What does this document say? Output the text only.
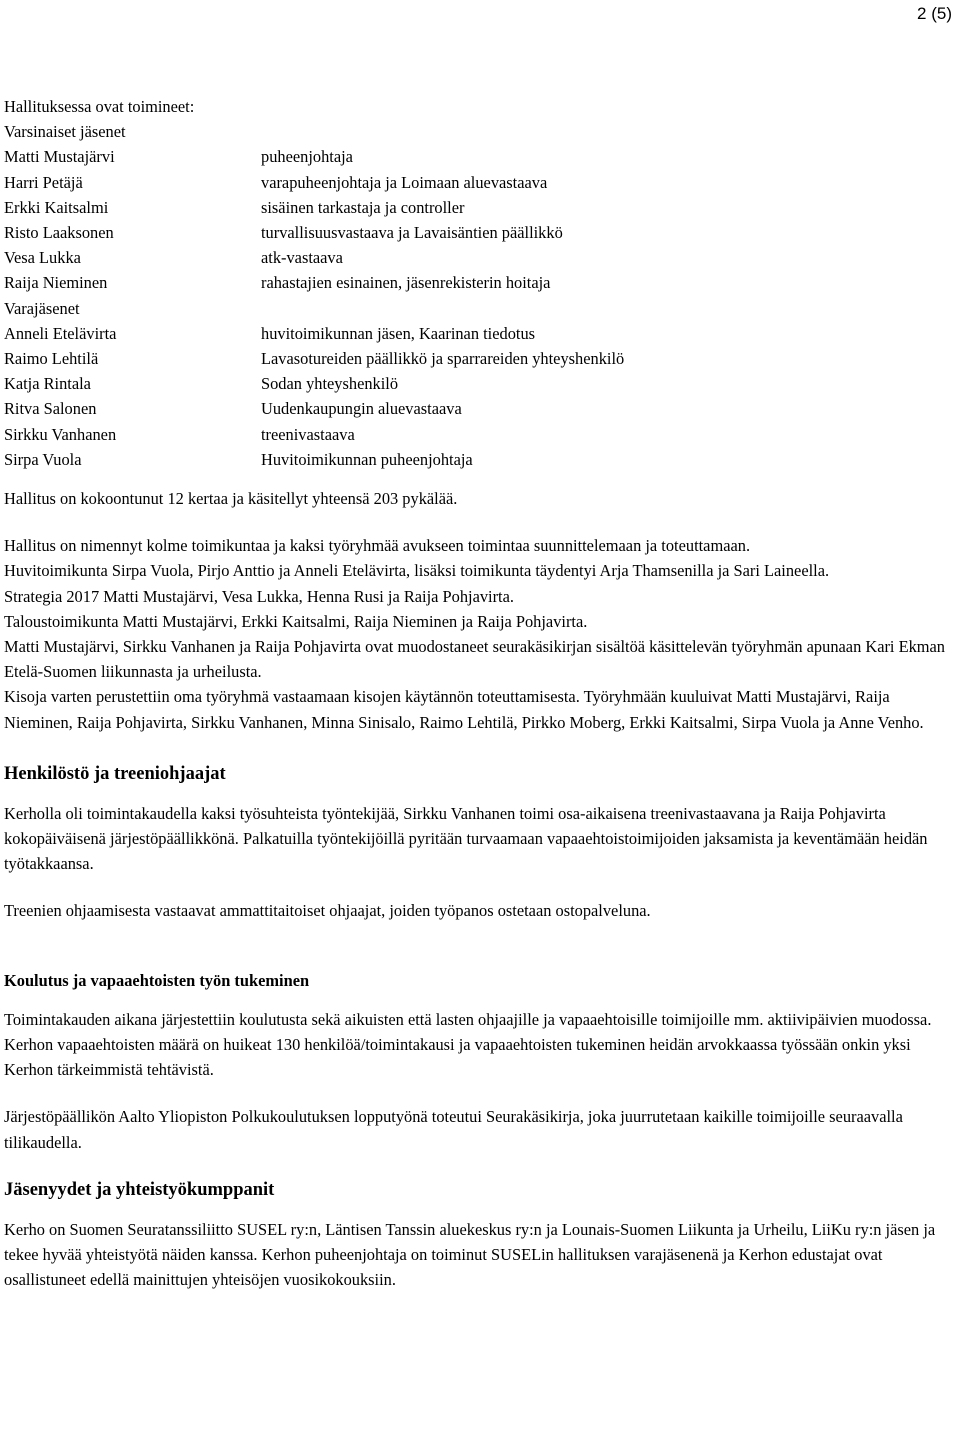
2 (5)
Hallituksessa ovat toimineet:
Varsinaiset jäsenet
Matti Mustajärvi	puheenjohtaja
Harri Petäjä	varapuheenjohtaja ja Loimaan aluevastaava
Erkki Kaitsalmi	sisäinen tarkastaja ja controller
Risto Laaksonen	turvallisuusvastaava ja Lavaisäntien päällikkö
Vesa Lukka	atk-vastaava
Raija Nieminen	rahastajien esinainen, jäsenrekisterin hoitaja
Varajäsenet
Anneli Etelävirta	huvitoimikunnan jäsen, Kaarinan tiedotus
Raimo Lehtilä	Lavasotureiden päällikkö ja sparrareiden yhteyshenkilö
Katja Rintala	Sodan yhteyshenkilö
Ritva Salonen	Uudenkaupungin aluevastaava
Sirkku Vanhanen	treenivastaava
Sirpa Vuola	Huvitoimikunnan puheenjohtaja

Hallitus on kokoontunut 12 kertaa ja käsitellyt yhteensä 203 pykälää.

Hallitus on nimennyt kolme toimikuntaa ja kaksi työryhmää avukseen toimintaa suunnittelemaan ja toteuttamaan.

Huvitoimikunta Sirpa Vuola, Pirjo Anttio ja Anneli Etelävirta, lisäksi toimikunta täydentyi Arja Thamsenilla ja Sari Laineella.

Strategia 2017 Matti Mustajärvi, Vesa Lukka, Henna Rusi ja Raija Pohjavirta.

Taloustoimikunta Matti Mustajärvi, Erkki Kaitsalmi, Raija Nieminen ja Raija Pohjavirta.

Matti Mustajärvi, Sirkku Vanhanen ja Raija Pohjavirta ovat muodostaneet seurakäsikirjan sisältöä käsittelevän työryhmän apunaan Kari Ekman Etelä-Suomen liikunnasta ja urheilusta.

Kisoja varten perustettiin oma työryhmä vastaamaan kisojen käytännön toteuttamisesta. Työryhmään kuuluivat Matti Mustajärvi, Raija Nieminen, Raija Pohjavirta, Sirkku Vanhanen, Minna Sinisalo, Raimo Lehtilä, Pirkko Moberg, Erkki Kaitsalmi, Sirpa Vuola ja Anne Venho.

Henkilöstö ja treeniohjaajat

Kerholla oli toimintakaudella kaksi työsuhteista työntekijää, Sirkku Vanhanen toimi osa-aikaisena treenivastaavana ja Raija Pohjavirta kokopäiväisenä järjestöpäällikkönä. Palkatuilla työntekijöillä pyritään turvaamaan vapaaehtoistoimijoiden jaksamista ja keventämään heidän työtakkaansa.

Treenien ohjaamisesta vastaavat ammattitaitoiset ohjaajat, joiden työpanos ostetaan ostopalveluna.

Koulutus ja vapaaehtoisten työn tukeminen

Toimintakauden aikana järjestettiin koulutusta sekä aikuisten että lasten ohjaajille ja vapaaehtoisille toimijoille mm. aktiivipäivien muodossa. Kerhon vapaaehtoisten määrä on huikeat 130 henkilöä/toimintakausi ja vapaaehtoisten tukeminen heidän arvokkaassa työssään onkin yksi Kerhon tärkeimmistä tehtävistä.

Järjestöpäällikön Aalto Yliopiston Polkukoulutuksen lopputyönä toteutui Seurakäsikirja, joka juurrutetaan kaikille toimijoille seuraavalla tilikaudella.

Jäsenyydet ja yhteistyökumppanit

Kerho on Suomen Seuratanssiliitto SUSEL ry:n, Läntisen Tanssin aluekeskus ry:n ja Lounais-Suomen Liikunta ja Urheilu, LiiKu ry:n jäsen ja tekee hyvää yhteistyötä näiden kanssa. Kerhon puheenjohtaja on toiminut SUSELin hallituksen varajäsenenä ja Kerhon edustajat ovat osallistuneet edellä mainittujen yhteisöjen vuosikokouksiin.
